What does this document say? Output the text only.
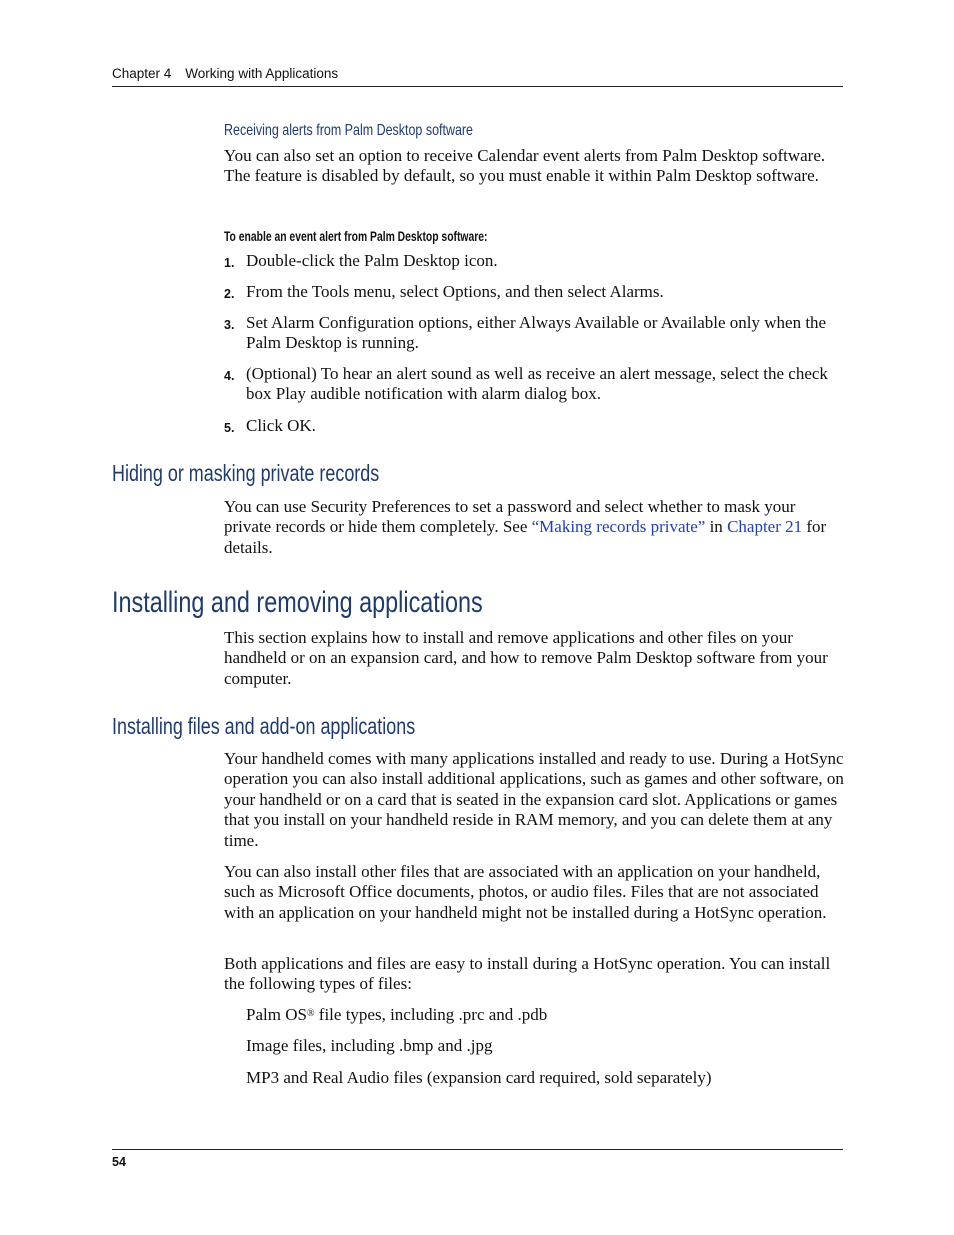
Chapter 4 Working with Applications
Receiving alerts from Palm Desktop software
You can also set an option to receive Calendar event alerts from Palm Desktop software. The feature is disabled by default, so you must enable it within Palm Desktop software.
To enable an event alert from Palm Desktop software:
1. Double-click the Palm Desktop icon.
2. From the Tools menu, select Options, and then select Alarms.
3. Set Alarm Configuration options, either Always Available or Available only when the Palm Desktop is running.
4. (Optional) To hear an alert sound as well as receive an alert message, select the check box Play audible notification with alarm dialog box.
5. Click OK.
Hiding or masking private records
You can use Security Preferences to set a password and select whether to mask your private records or hide them completely. See “Making records private” in Chapter 21 for details.
Installing and removing applications
This section explains how to install and remove applications and other files on your handheld or on an expansion card, and how to remove Palm Desktop software from your computer.
Installing files and add-on applications
Your handheld comes with many applications installed and ready to use. During a HotSync operation you can also install additional applications, such as games and other software, on your handheld or on a card that is seated in the expansion card slot. Applications or games that you install on your handheld reside in RAM memory, and you can delete them at any time.
You can also install other files that are associated with an application on your handheld, such as Microsoft Office documents, photos, or audio files. Files that are not associated with an application on your handheld might not be installed during a HotSync operation.
Both applications and files are easy to install during a HotSync operation. You can install the following types of files:
Palm OS® file types, including .prc and .pdb
Image files, including .bmp and .jpg
MP3 and Real Audio files (expansion card required, sold separately)
54
